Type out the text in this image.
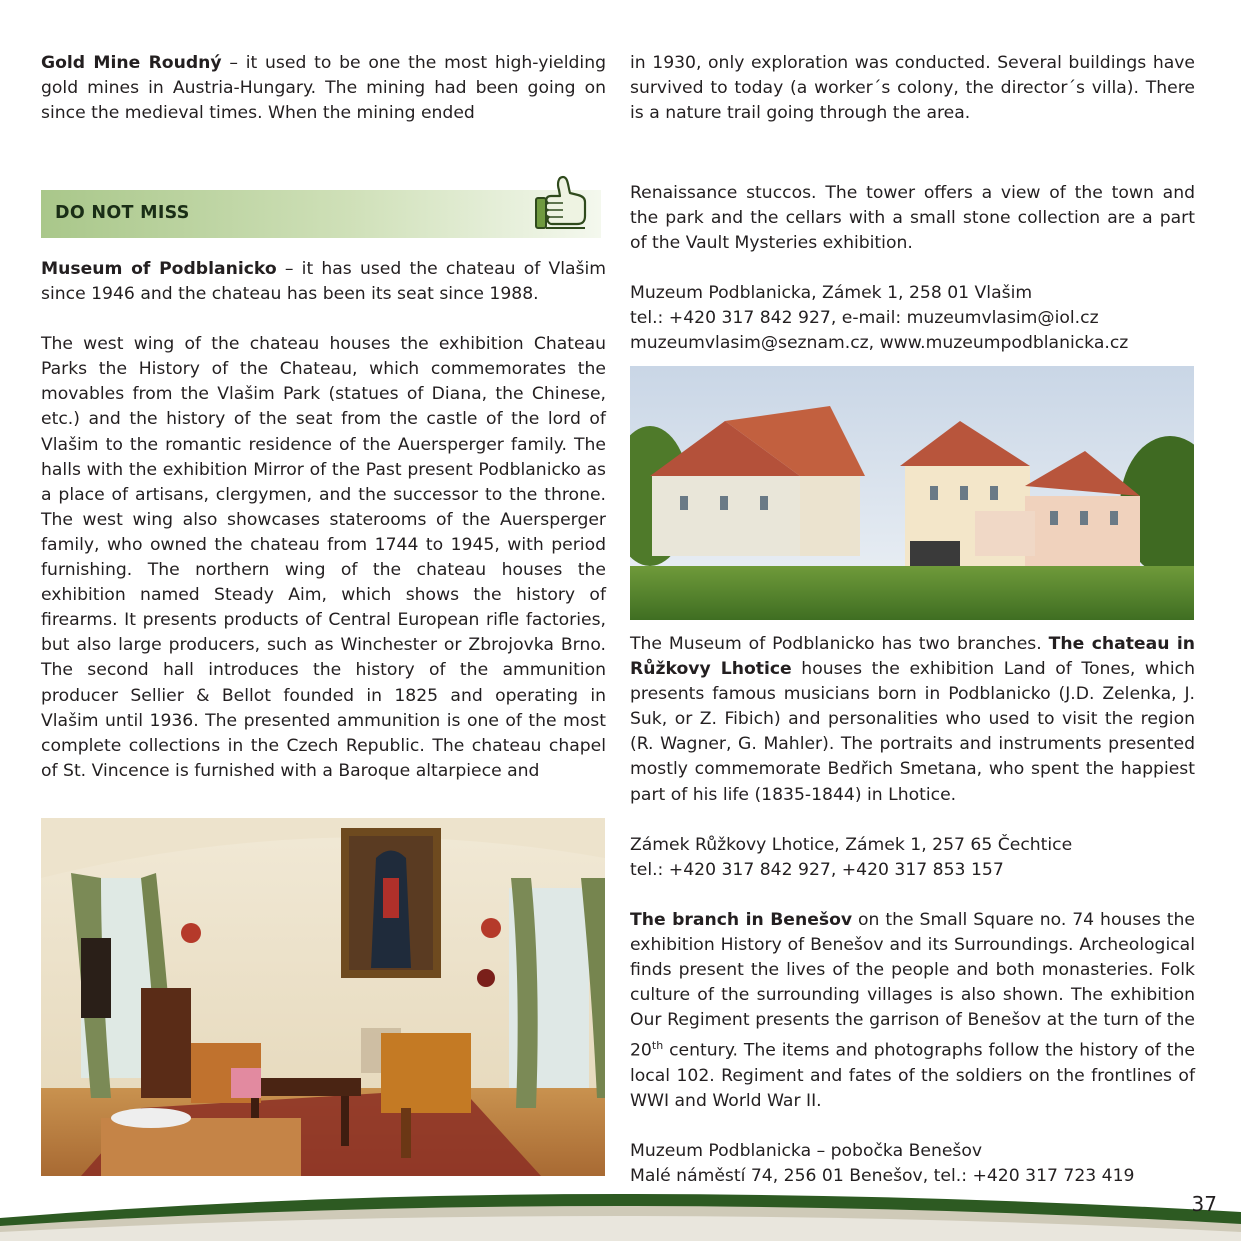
Gold Mine Roudný – it used to be one the most high-yielding gold mines in Austria-Hungary. The mining had been going on since the medieval times. When the mining ended

in 1930, only exploration was conducted. Several buildings have survived to today (a worker´s colony, the director´s villa). There is a nature trail going through the area.

DO NOT MISS

Museum of Podblanicko – it has used the chateau of Vlašim since 1946 and the chateau has been its seat since 1988.

The west wing of the chateau houses the exhibition Chateau Parks the History of the Chateau, which commemorates the movables from the Vlašim Park (statues of Diana, the Chinese, etc.) and the history of the seat from the castle of the lord of Vlašim to the romantic residence of the Auersperger family. The halls with the exhibition Mirror of the Past present Podblanicko as a place of artisans, clergymen, and the successor to the throne. The west wing also showcases staterooms of the Auersperger family, who owned the chateau from 1744 to 1945, with period furnishing. The northern wing of the chateau houses the exhibition named Steady Aim, which shows the history of firearms. It presents products of Central European rifle factories, but also large producers, such as Winchester or Zbrojovka Brno. The second hall introduces the history of the ammunition producer Sellier & Bellot founded in 1825 and operating in Vlašim until 1936. The presented ammunition is one of the most complete collections in the Czech Republic. The chateau chapel of St. Vincence is furnished with a Baroque altarpiece and

Renaissance stuccos. The tower offers a view of the town and the park and the cellars with a small stone collection are a part of the Vault Mysteries exhibition.

Muzeum Podblanicka, Zámek 1, 258 01 Vlašim

tel.: +420 317 842 927, e-mail: muzeumvlasim@iol.cz

muzeumvlasim@seznam.cz, www.muzeumpodblanicka.cz

The Museum of Podblanicko has two branches. The chateau in Růžkovy Lhotice houses the exhibition Land of Tones, which presents famous musicians born in Podblanicko (J.D. Zelenka, J. Suk, or Z. Fibich) and personalities who used to visit the region (R. Wagner, G. Mahler). The portraits and instruments presented mostly commemorate Bedřich Smetana, who spent the happiest part of his life (1835-1844) in Lhotice.

Zámek Růžkovy Lhotice, Zámek 1, 257 65 Čechtice

tel.: +420 317 842 927, +420 317 853 157

The branch in Benešov on the Small Square no. 74 houses the exhibition History of Benešov and its Surroundings. Archeological finds present the lives of the people and both monasteries. Folk culture of the surrounding villages is also shown. The exhibition Our Regiment presents the garrison of Benešov at the turn of the 20th century. The items and photographs follow the history of the local 102. Regiment and fates of the soldiers on the frontlines of WWI and World War II.

Muzeum Podblanicka – pobočka Benešov

Malé náměstí 74, 256 01 Benešov, tel.: +420 317 723 419

37
